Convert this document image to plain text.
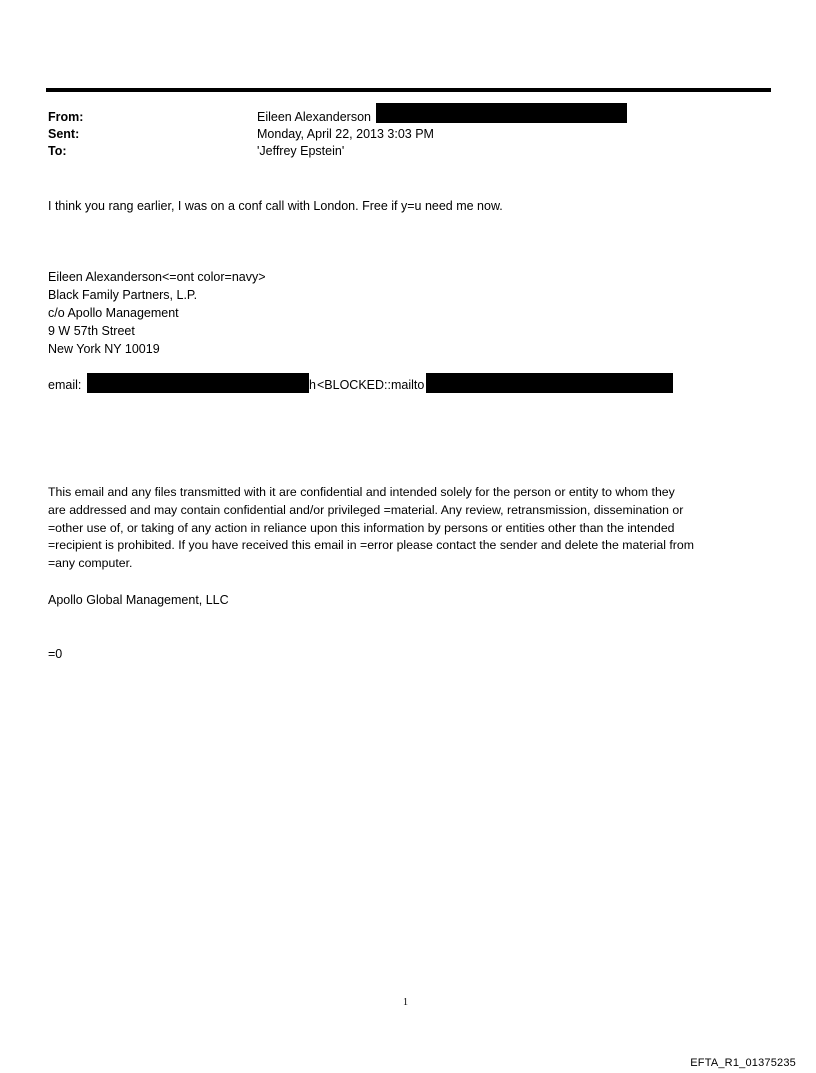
From:	Eileen Alexanderson
Sent:	Monday, April 22, 2013 3:03 PM
To:	'Jeffrey Epstein'
I think you rang earlier, I was on a conf call with London. Free if y=u need me now.
Eileen Alexanderson<=ont color=navy>
Black Family Partners, L.P.
c/o Apollo Management
9 W 57th Street
New York NY 10019
email:	h <BLOCKED::mailto
This email and any files transmitted with it are confidential and intended solely for the person or entity to whom they
are addressed and may contain confidential and/or privileged =material. Any review, retransmission, dissemination or
=other use of, or taking of any action in reliance upon this information by persons or entities other than the intended
=recipient is prohibited. If you have received this email in =error please contact the sender and delete the material from
=any computer.
Apollo Global Management, LLC
=0
1
EFTA_R1_01375235
